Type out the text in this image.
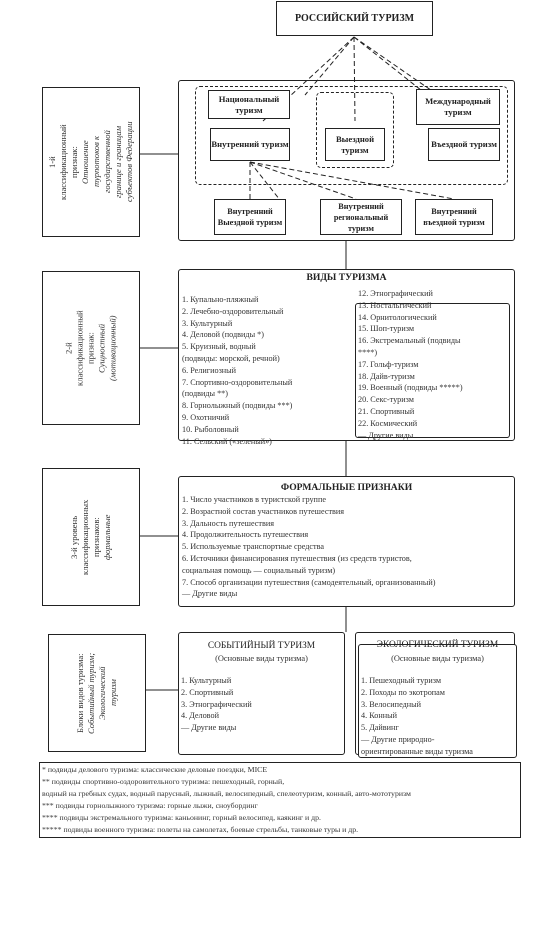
РОССИЙСКИЙ ТУРИЗМ
1-й классификационный признак: Отношение турпотоков к государственной границе и границам субъектов Федерации
Национальный туризм
Внутренний туризм
Выездной туризм
Международный туризм
Въездной туризм
Внутренний Выездной туризм
Внутренний региональный туризм
Внутренний въездной туризм
2-й классификационный признак: Сущностный (мотивационный)
ВИДЫ ТУРИЗМА
1. Купально-пляжный
2. Лечебно-оздоровительный
3. Культурный
4. Деловой (подвиды *)
5. Круизный, водный
(подвиды: морской, речной)
6. Религиозный
7. Спортивно-оздоровительный
(подвиды **)
8. Горнолыжный (подвиды ***)
9. Охотничий
10. Рыболовный
11. Сельский («зеленый»)
12. Этнографический
13. Ностальгический
14. Орнитологический
15. Шоп-туризм
16. Экстремальный (подвиды
****)
17. Гольф-туризм
18. Дайв-туризм
19. Военный (подвиды *****)
20. Секс-туризм
21. Спортивный
22. Космический
— Другие виды
3-й уровень классификационных признаков: формальные
ФОРМАЛЬНЫЕ ПРИЗНАКИ
1. Число участников в туристской группе
2. Возрастной состав участников путешествия
3. Дальность путешествия
4. Продолжительность путешествия
5. Используемые транспортные средства
6. Источники финансирования путешествия (из средств туристов,
социальная помощь — социальный туризм)
7. Способ организации путешествия (самодеятельный, организованный)
— Другие виды
Блоки видов туризма: Событийный туризм; Экологический туризм
СОБЫТИЙНЫЙ ТУРИЗМ
(Основные виды туризма)
1. Культурный
2. Спортивный
3. Этнографический
4. Деловой
— Другие виды
ЭКОЛОГИЧЕСКИЙ ТУРИЗМ
(Основные виды туризма)
1. Пешеходный туризм
2. Походы по экотропам
3. Велосипедный
4. Конный
5. Дайвинг
— Другие природно-
ориентированные виды туризма
* подвиды делового туризма: классические деловые поездки, MICE
** подвиды спортивно-оздоровительного туризма: пешеходный, горный,
водный на гребных судах, водный парусный, лыжный, велосипедный, спелеотуризм, конный, авто-мототуризм
*** подвиды горнолыжного туризма: горные лыжи, сноубординг
**** подвиды экстремального туризма: каньонинг, горный велосипед, каякинг и др.
***** подвиды военного туризма: полеты на самолетах, боевые стрельбы, танковые туры и др.
